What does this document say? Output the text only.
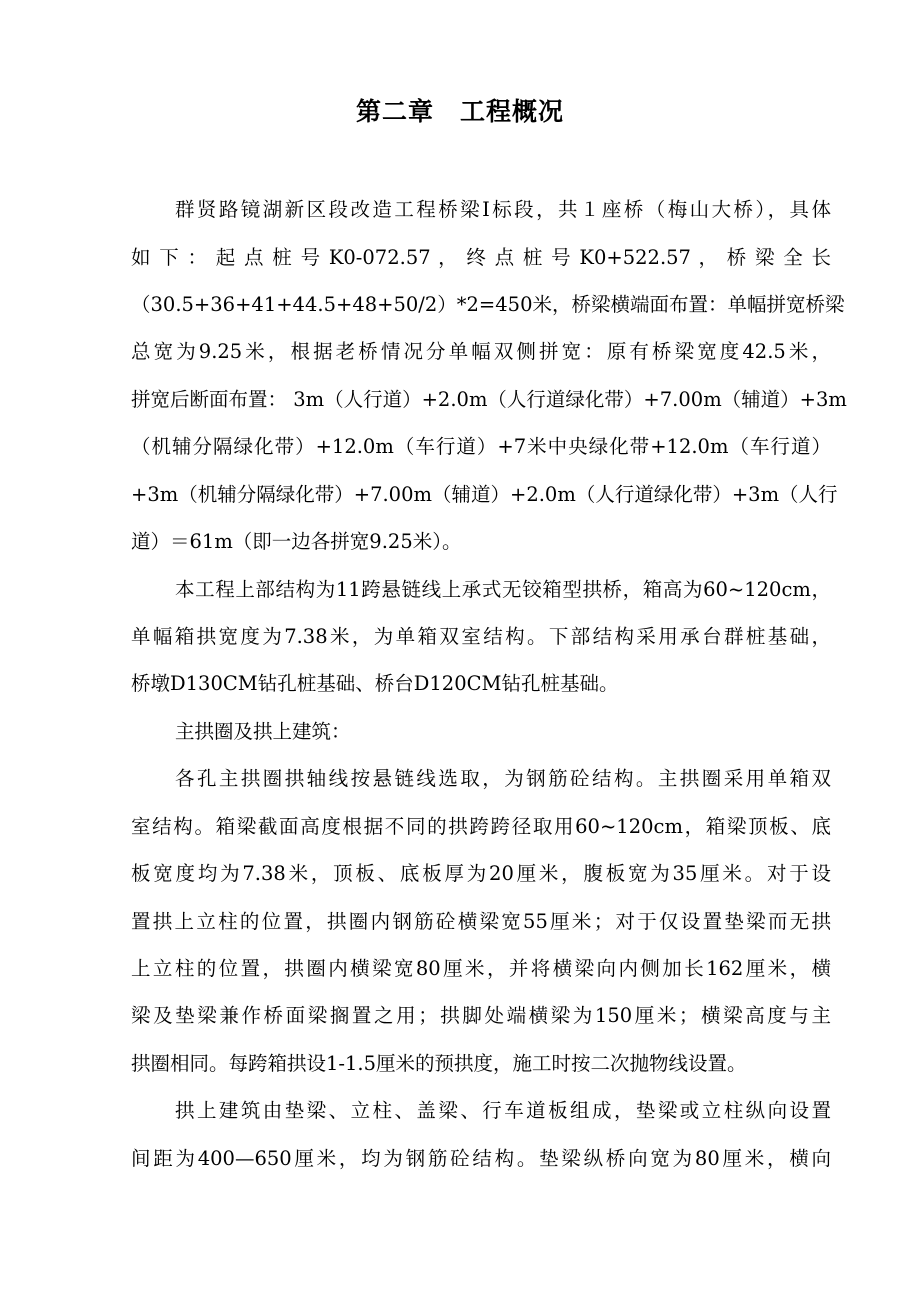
第二章　工程概况
群贤路镜湖新区段改造工程桥梁Ⅰ标段，共１座桥（梅山大桥），具体
如 下 ： 起 点 桩 号 K0-072.57 ， 终 点 桩 号 K0+522.57 ， 桥 梁 全 长
（30.5+36+41+44.5+48+50/2）*2=450米，桥梁横端面布置：单幅拼宽桥梁
总宽为9.25米，根据老桥情况分单幅双侧拼宽：原有桥梁宽度42.5米，
拼宽后断面布置： 3m（人行道）+2.0m（人行道绿化带）+7.00m（辅道）+3m
（机辅分隔绿化带）+12.0m（车行道）+7米中央绿化带+12.0m（车行道）
+3m（机辅分隔绿化带）+7.00m（辅道）+2.0m（人行道绿化带）+3m（人行
道）＝61m（即一边各拼宽9.25米）。
本工程上部结构为11跨悬链线上承式无铰箱型拱桥，箱高为60~120cm，
单幅箱拱宽度为7.38米，为单箱双室结构。下部结构采用承台群桩基础，
桥墩D130CM钻孔桩基础、桥台D120CM钻孔桩基础。
主拱圈及拱上建筑：
各孔主拱圈拱轴线按悬链线选取，为钢筋砼结构。主拱圈采用单箱双
室结构。箱梁截面高度根据不同的拱跨跨径取用60~120cm，箱梁顶板、底
板宽度均为7.38米，顶板、底板厚为20厘米，腹板宽为35厘米。对于设
置拱上立柱的位置，拱圈内钢筋砼横梁宽55厘米；对于仅设置垫梁而无拱
上立柱的位置，拱圈内横梁宽80厘米，并将横梁向内侧加长162厘米，横
梁及垫梁兼作桥面梁搁置之用；拱脚处端横梁为150厘米；横梁高度与主
拱圈相同。每跨箱拱设1-1.5厘米的预拱度，施工时按二次抛物线设置。
拱上建筑由垫梁、立柱、盖梁、行车道板组成，垫梁或立柱纵向设置
间距为400—650厘米，均为钢筋砼结构。垫梁纵桥向宽为80厘米，横向
